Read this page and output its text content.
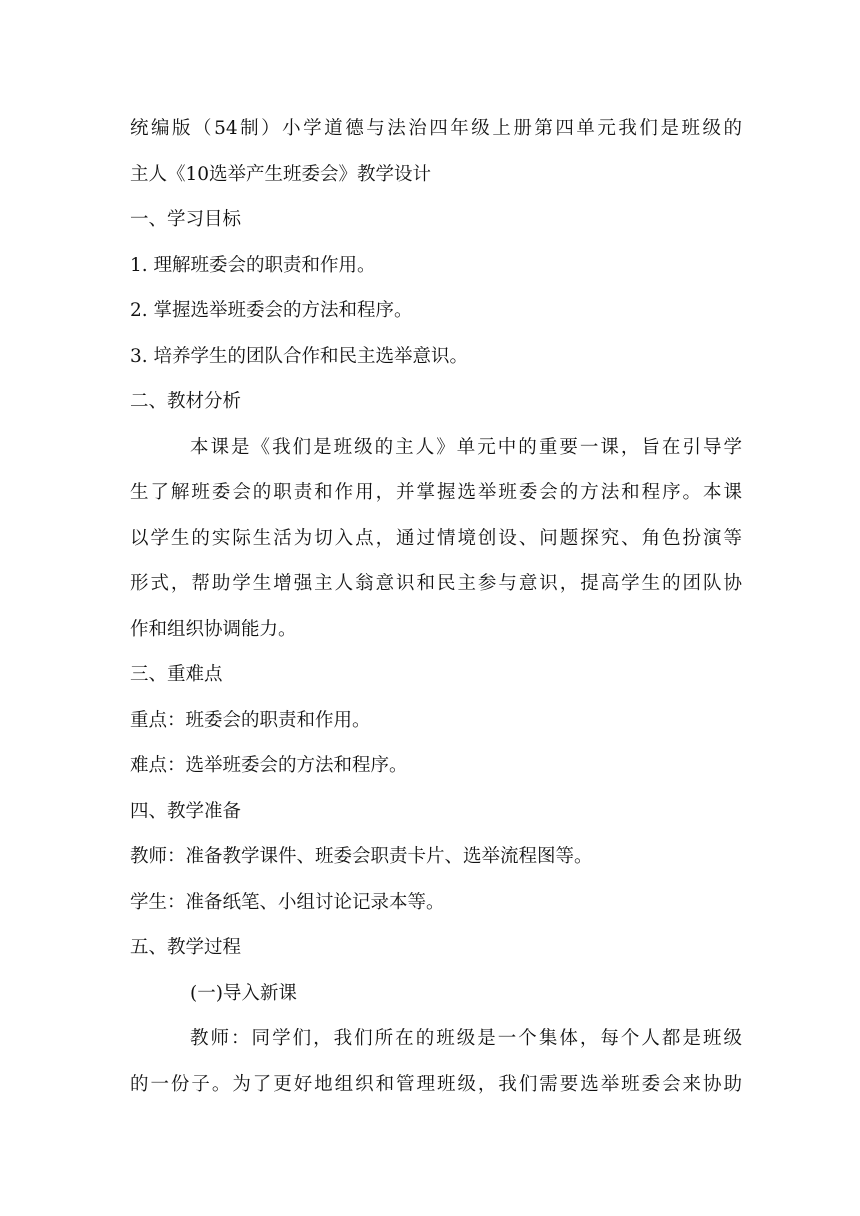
统编版（54制）小学道德与法治四年级上册第四单元我们是班级的
主人《10选举产生班委会》教学设计
一、学习目标
1. 理解班委会的职责和作用。
2. 掌握选举班委会的方法和程序。
3. 培养学生的团队合作和民主选举意识。
二、教材分析
本课是《我们是班级的主人》单元中的重要一课，旨在引导学
生了解班委会的职责和作用，并掌握选举班委会的方法和程序。本课
以学生的实际生活为切入点，通过情境创设、问题探究、角色扮演等
形式，帮助学生增强主人翁意识和民主参与意识，提高学生的团队协
作和组织协调能力。
三、重难点
重点：班委会的职责和作用。
难点：选举班委会的方法和程序。
四、教学准备
教师：准备教学课件、班委会职责卡片、选举流程图等。
学生：准备纸笔、小组讨论记录本等。
五、教学过程
(一)导入新课
教师：同学们，我们所在的班级是一个集体，每个人都是班级
的一份子。为了更好地组织和管理班级，我们需要选举班委会来协助
